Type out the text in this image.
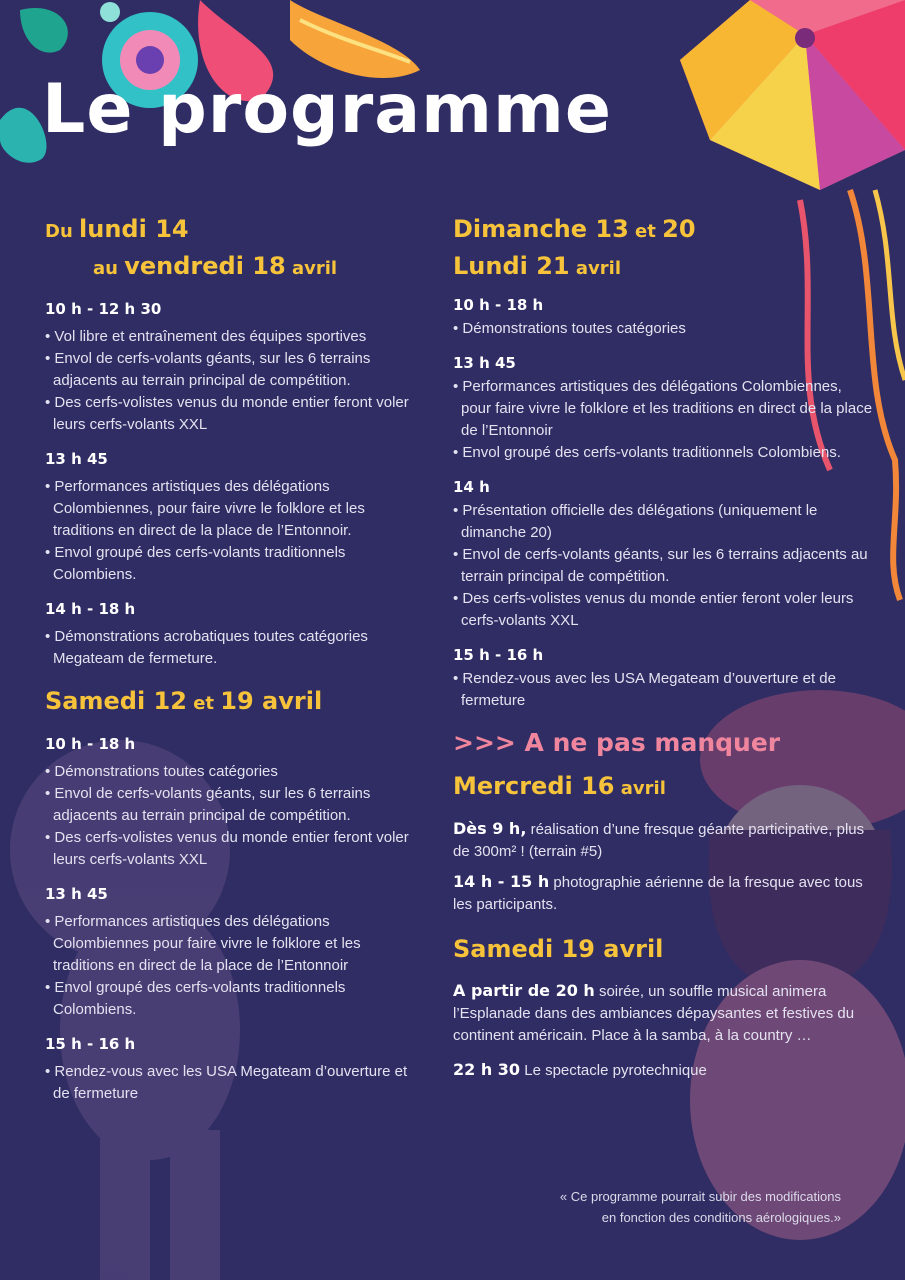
Le programme
Du lundi 14
au vendredi 18 avril
10 h - 12 h 30
• Vol libre et entraînement des équipes sportives
• Envol de cerfs-volants géants, sur les 6 terrains adjacents au terrain principal de compétition.
• Des cerfs-volistes venus du monde entier feront voler leurs cerfs-volants XXL
13 h 45
• Performances artistiques des délégations Colombiennes, pour faire vivre le folklore et les traditions en direct de la place de l’Entonnoir.
• Envol groupé des cerfs-volants traditionnels Colombiens.
14 h - 18 h
• Démonstrations acrobatiques toutes catégories Megateam de fermeture.
Samedi 12 et 19 avril
10 h - 18 h
• Démonstrations toutes catégories
• Envol de cerfs-volants géants, sur les 6 terrains adjacents au terrain principal de compétition.
• Des cerfs-volistes venus du monde entier feront voler leurs cerfs-volants XXL
13 h 45
• Performances artistiques des délégations Colombiennes pour faire vivre le folklore et les traditions en direct de la place de l’Entonnoir
• Envol groupé des cerfs-volants traditionnels Colombiens.
15 h - 16 h
• Rendez-vous avec les USA Megateam d’ouverture et de fermeture
Dimanche 13 et 20
Lundi 21 avril
10 h - 18 h
• Démonstrations toutes catégories
13 h 45
• Performances artistiques des délégations Colombiennes, pour faire vivre le folklore et les traditions en direct de la place de l’Entonnoir
• Envol groupé des cerfs-volants traditionnels Colombiens.
14 h
• Présentation officielle des délégations (uniquement le dimanche 20)
• Envol de cerfs-volants géants, sur les 6 terrains adjacents au terrain principal de compétition.
• Des cerfs-volistes venus du monde entier feront voler leurs cerfs-volants XXL
15 h - 16 h
• Rendez-vous avec les USA Megateam d’ouverture et de fermeture
>>> A ne pas manquer
Mercredi 16 avril

Dès 9 h, réalisation d’une fresque géante participative, plus de 300m² ! (terrain #5)

14 h - 15 h photographie aérienne de la fresque avec tous les participants.

Samedi 19 avril

A partir de 20 h soirée, un souffle musical animera l’Esplanade dans des ambiances dépaysantes et festives du continent américain. Place à la samba, à la country …

22 h 30 Le spectacle pyrotechnique

« Ce programme pourrait subir des modifications
en fonction des conditions aérologiques.»
